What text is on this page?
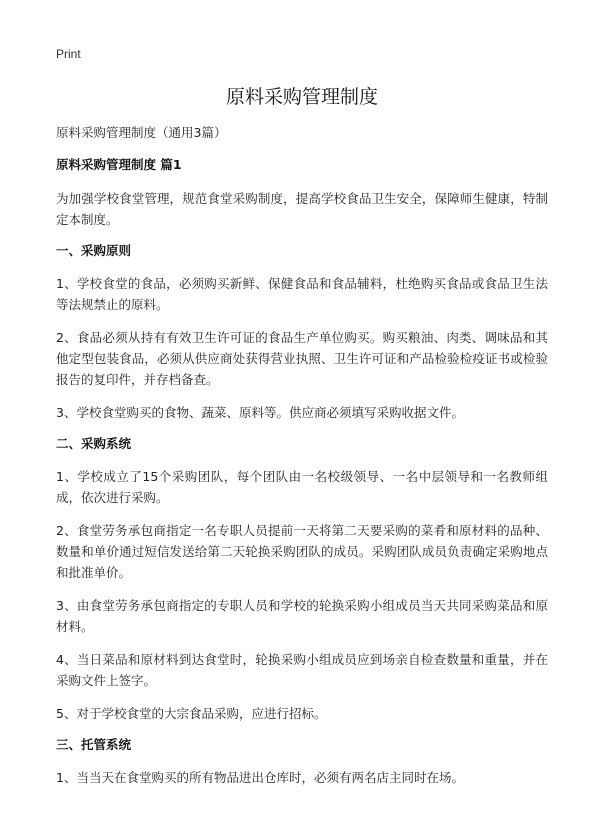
Print
原料采购管理制度
原料采购管理制度（通用3篇）
原料采购管理制度 篇1

为加强学校食堂管理，规范食堂采购制度，提高学校食品卫生安全，保障师生健康，特制定本制度。

一、采购原则

1、学校食堂的食品，必须购买新鲜、保健食品和食品辅料，杜绝购买食品或食品卫生法等法规禁止的原料。

2、食品必须从持有有效卫生许可证的食品生产单位购买。购买粮油、肉类、调味品和其他定型包装食品，必须从供应商处获得营业执照、卫生许可证和产品检验检疫证书或检验报告的复印件，并存档备查。

3、学校食堂购买的食物、蔬菜、原料等。供应商必须填写采购收据文件。

二、采购系统

1、学校成立了15个采购团队，每个团队由一名校级领导、一名中层领导和一名教师组成，依次进行采购。

2、食堂劳务承包商指定一名专职人员提前一天将第二天要采购的菜肴和原材料的品种、数量和单价通过短信发送给第二天轮换采购团队的成员。采购团队成员负责确定采购地点和批准单价。

3、由食堂劳务承包商指定的专职人员和学校的轮换采购小组成员当天共同采购菜品和原材料。

4、当日菜品和原材料到达食堂时，轮换采购小组成员应到场亲自检查数量和重量，并在采购文件上签字。

5、对于学校食堂的大宗食品采购，应进行招标。

三、托管系统

1、当当天在食堂购买的所有物品进出仓库时，必须有两名店主同时在场。
